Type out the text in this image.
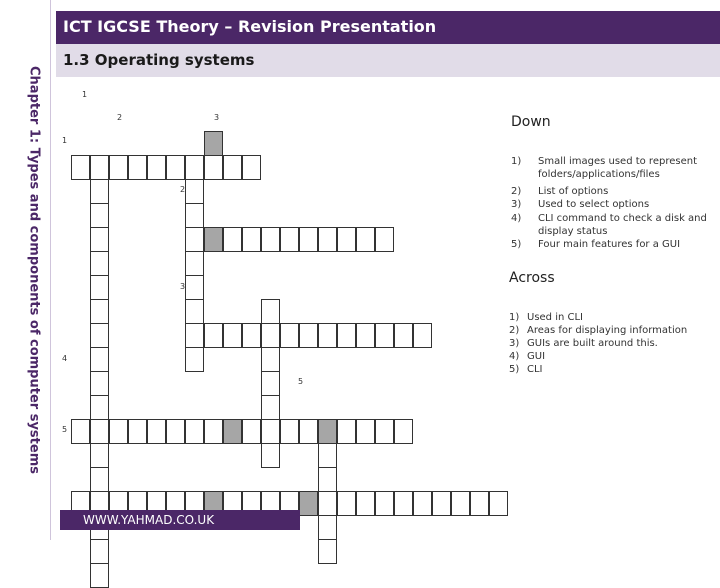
Chapter 1: Types and components of computer systems
ICT IGCSE Theory – Revision Presentation
1.3 Operating systems
1
2	3
5
1
2
3
4
5
Down
1) Small images used to represent folders/applications/files
2) List of options
3) Used to select options
4) CLI command to check a disk and display status
5) Four main features for a GUI
Across
1) Used in CLI
2) Areas for displaying information
3) GUIs are built around this.
4) GUI
5) CLI
WWW.YAHMAD.CO.UK
